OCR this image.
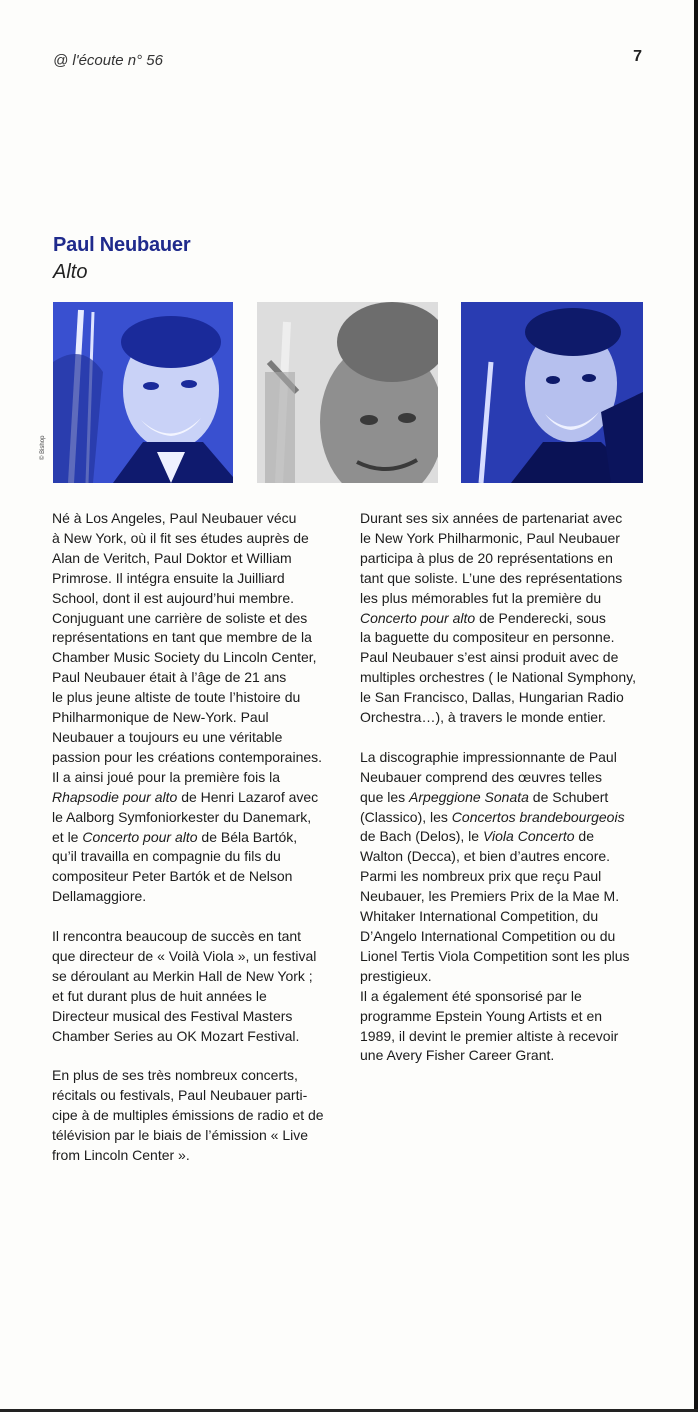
@ l'écoute n° 56	7
Paul Neubauer
Alto
© Bishop
Né à Los Angeles, Paul Neubauer vécu
à New York, où il fit ses études auprès de
Alan de Veritch, Paul Doktor et William
Primrose. Il intégra ensuite la Juilliard
School, dont il est aujourd’hui membre.
Conjuguant une carrière de soliste et des
représentations en tant que membre de la
Chamber Music Society du Lincoln Center,
Paul Neubauer était à l’âge de 21 ans
le plus jeune altiste de toute l’histoire du
Philharmonique de New-York. Paul
Neubauer a toujours eu une véritable
passion pour les créations contemporaines.
Il a ainsi joué pour la première fois la
Rhapsodie pour alto de Henri Lazarof avec
le Aalborg Symfoniorkester du Danemark,
et le Concerto pour alto de Béla Bartók,
qu’il travailla en compagnie du fils du
compositeur Peter Bartók et de Nelson
Dellamaggiore.
Il rencontra beaucoup de succès en tant
que directeur de « Voilà Viola », un festival
se déroulant au Merkin Hall de New York ;
et fut durant plus de huit années le
Directeur musical des Festival Masters
Chamber Series au OK Mozart Festival.
En plus de ses très nombreux concerts,
récitals ou festivals, Paul Neubauer parti-
cipe à de multiples émissions de radio et de
télévision par le biais de l’émission « Live
from Lincoln Center ».
Durant ses six années de partenariat avec
le New York Philharmonic, Paul Neubauer
participa à plus de 20 représentations en
tant que soliste. L’une des représentations
les plus mémorables fut la première du
Concerto pour alto de Penderecki, sous
la baguette du compositeur en personne.
Paul Neubauer s’est ainsi produit avec de
multiples orchestres ( le National Symphony,
le San Francisco, Dallas, Hungarian Radio
Orchestra…), à travers le monde entier.
La discographie impressionnante de Paul
Neubauer comprend des œuvres telles
que les Arpeggione Sonata de Schubert
(Classico), les Concertos brandebourgeois
de Bach (Delos), le Viola Concerto de
Walton (Decca), et bien d’autres encore.
Parmi les nombreux prix que reçu Paul
Neubauer, les Premiers Prix de la Mae M.
Whitaker International Competition, du
D’Angelo International Competition ou du
Lionel Tertis Viola Competition sont les plus
prestigieux.
Il a également été sponsorisé par le
programme Epstein Young Artists et en
1989, il devint le premier altiste à recevoir
une Avery Fisher Career Grant.
